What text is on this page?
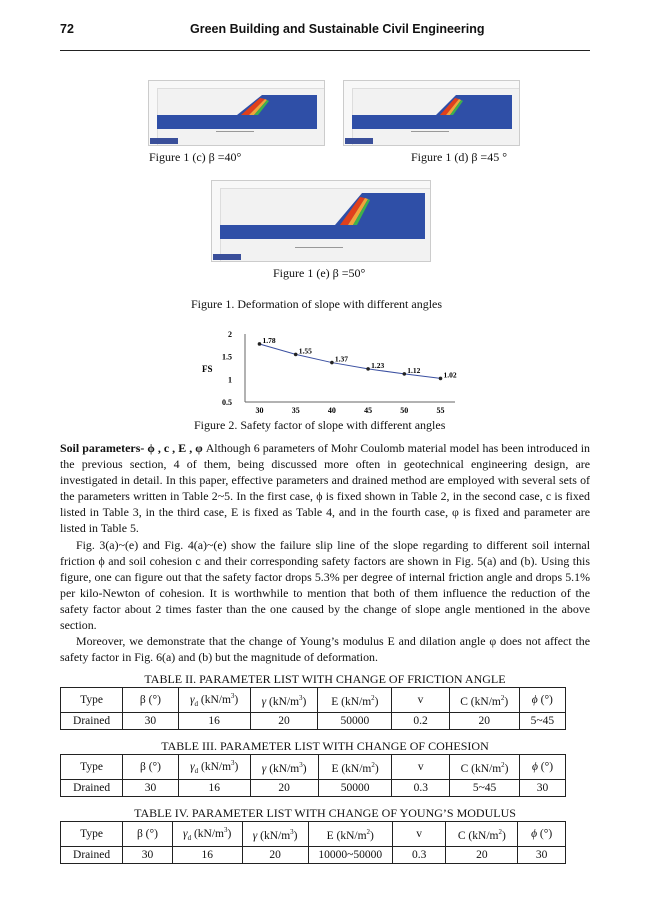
72	Green Building and Sustainable Civil Engineering
Figure 1 (c) β =40°	Figure 1 (d) β =45 °
Figure 1 (e) β =50°
Figure 1. Deformation of slope with different angles
FS
2
1.5
1
0.5
30	35	40	45	50	55
1.78
1.55
1.37
1.23
1.12
1.02
Figure 2. Safety factor of slope with different angles

Soil parameters- ϕ , c , E , φ Although 6 parameters of Mohr Coulomb material model has been introduced in the previous section, 4 of them, being discussed more often in geotechnical engineering design, are investigated in detail. In this paper, effective parameters and drained method are employed with several sets of the parameters written in Table 2~5. In the first case, ϕ is fixed shown in Table 2, in the second case, c is fixed listed in Table 3, in the third case, E is fixed as Table 4, and in the fourth case, φ is fixed and parameter are listed in Table 5.

Fig. 3(a)~(e) and Fig. 4(a)~(e) show the failure slip line of the slope regarding to different soil internal friction ϕ and soil cohesion c and their corresponding safety factors are shown in Fig. 5(a) and (b). Using this figure, one can figure out that the safety factor drops 5.3% per degree of internal friction angle and drops 5.1% per kilo-Newton of cohesion. It is worthwhile to mention that both of them influence the reduction of the safety factor about 2 times faster than the one caused by the change of slope angle mentioned in the above section.

Moreover, we demonstrate that the change of Young’s modulus E and dilation angle φ does not affect the safety factor in Fig. 6(a) and (b) but the magnitude of deformation.

TABLE II. PARAMETER LIST WITH CHANGE OF FRICTION ANGLE
Type	β (°)	$\gamma_d$ $(kN/m^3)$	γ $(kN/m^3)$	E $(kN/m^2)$	v	C $(kN/m^2)$	ϕ (°)
Drained	30	16	20	50000	0.2	20	5~45
TABLE III. PARAMETER LIST WITH CHANGE OF COHESION
Type	β (°)	$\gamma_d$ $(kN/m^3)$	γ $(kN/m^3)$	E $(kN/m^2)$	v	C $(kN/m^2)$	ϕ (°)
Drained	30	16	20	50000	0.3	5~45	30
TABLE IV. PARAMETER LIST WITH CHANGE OF YOUNG’S MODULUS
Type	β (°)	$\gamma_d$ $(kN/m^3)$	γ $(kN/m^3)$	E $(kN/m^2)$	v	C $(kN/m^2)$	ϕ (°)
Drained	30	16	20	10000~50000	0.3	20	30
